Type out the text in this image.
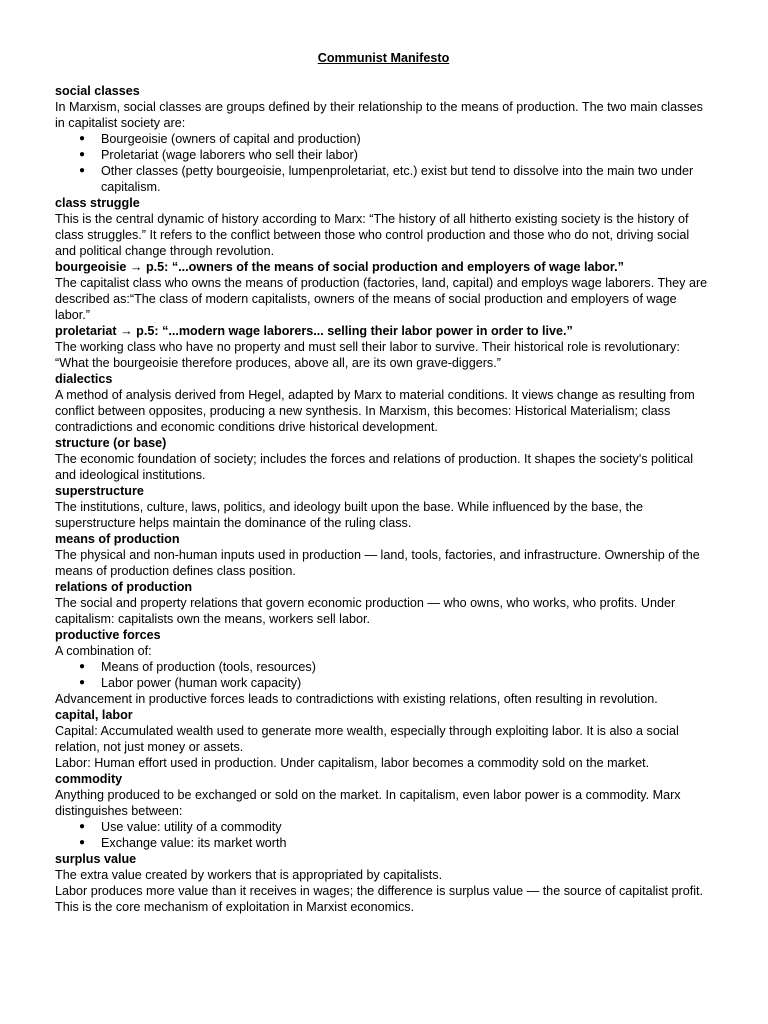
Communist Manifesto
social classes
In Marxism, social classes are groups defined by their relationship to the means of production. The two main classes in capitalist society are:
● Bourgeoisie (owners of capital and production)
● Proletariat (wage laborers who sell their labor)
● Other classes (petty bourgeoisie, lumpenproletariat, etc.) exist but tend to dissolve into the main two under capitalism.
class struggle
This is the central dynamic of history according to Marx: “The history of all hitherto existing society is the history of class struggles.” It refers to the conflict between those who control production and those who do not, driving social and political change through revolution.
bourgeoisie → p.5: “...owners of the means of social production and employers of wage labor.”
The capitalist class who owns the means of production (factories, land, capital) and employs wage laborers. They are described as:“The class of modern capitalists, owners of the means of social production and employers of wage labor.”
proletariat → p.5: “...modern wage laborers... selling their labor power in order to live.”
The working class who have no property and must sell their labor to survive. Their historical role is revolutionary: “What the bourgeoisie therefore produces, above all, are its own grave-diggers.”
dialectics
A method of analysis derived from Hegel, adapted by Marx to material conditions. It views change as resulting from conflict between opposites, producing a new synthesis. In Marxism, this becomes: Historical Materialism; class contradictions and economic conditions drive historical development.
structure (or base)
The economic foundation of society; includes the forces and relations of production. It shapes the society's political and ideological institutions.
superstructure
The institutions, culture, laws, politics, and ideology built upon the base. While influenced by the base, the superstructure helps maintain the dominance of the ruling class.
means of production
The physical and non-human inputs used in production — land, tools, factories, and infrastructure. Ownership of the means of production defines class position.
relations of production
The social and property relations that govern economic production — who owns, who works, who profits. Under capitalism: capitalists own the means, workers sell labor.
productive forces
A combination of:
● Means of production (tools, resources)
● Labor power (human work capacity)
Advancement in productive forces leads to contradictions with existing relations, often resulting in revolution.
capital, labor
Capital: Accumulated wealth used to generate more wealth, especially through exploiting labor. It is also a social relation, not just money or assets.
Labor: Human effort used in production. Under capitalism, labor becomes a commodity sold on the market.
commodity
Anything produced to be exchanged or sold on the market. In capitalism, even labor power is a commodity. Marx distinguishes between:
● Use value: utility of a commodity
● Exchange value: its market worth
surplus value
The extra value created by workers that is appropriated by capitalists.
Labor produces more value than it receives in wages; the difference is surplus value — the source of capitalist profit. This is the core mechanism of exploitation in Marxist economics.
